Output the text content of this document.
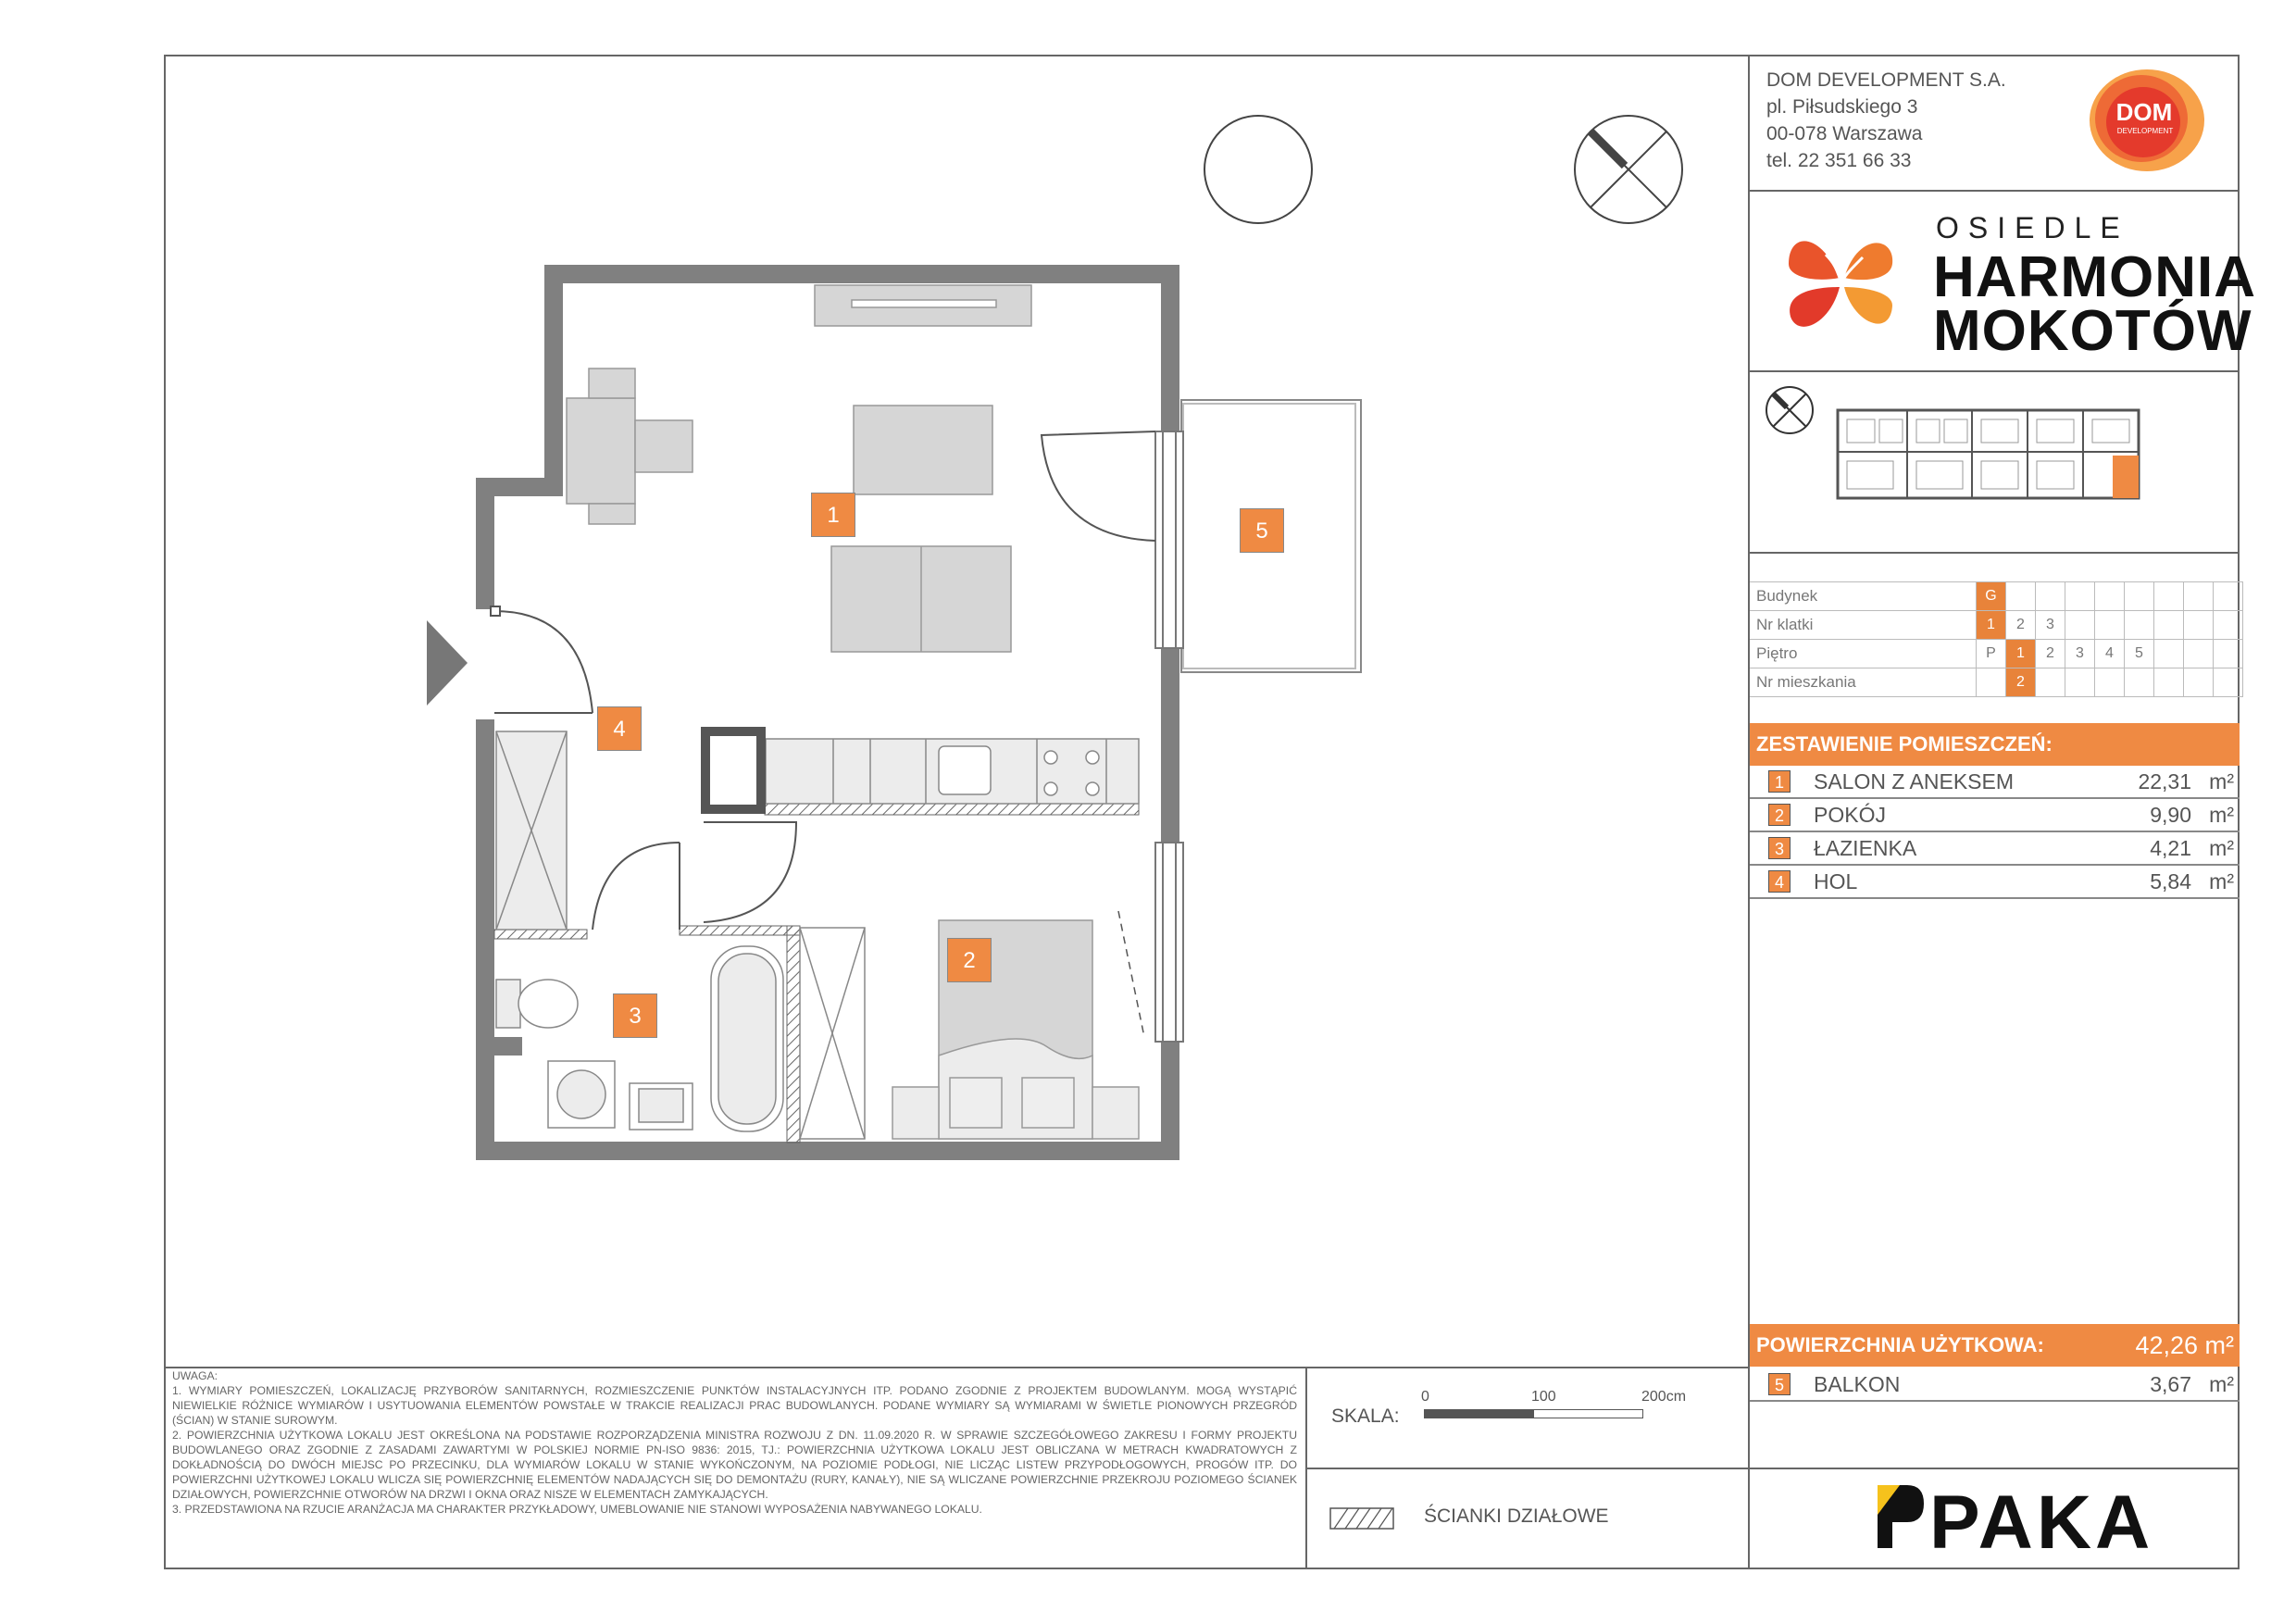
DOM DEVELOPMENT S.A.
pl. Piłsudskiego 3
00-078 Warszawa
tel. 22 351 66 33
DOM
DEVELOPMENT
OSIEDLE
HARMONIA
MOKOTÓW
Budynek	G								
Nr klatki	1	2	3						
Piętro	P	1	2	3	4	5			
Nr mieszkania		2							
ZESTAWIENIE POMIESZCZEŃ:
1	SALON Z ANEKSEM	22,31 m²
2	POKÓJ	9,90 m²
3	ŁAZIENKA	4,21 m²
4	HOL	5,84 m²
POWIERZCHNIA UŻYTKOWA:	42,26 m²
5	BALKON	3,67 m²

UWAGA:

1. WYMIARY POMIESZCZEŃ, LOKALIZACJĘ PRZYBORÓW SANITARNYCH, ROZMIESZCZENIE PUNKTÓW INSTALACYJNYCH ITP. PODANO ZGODNIE Z PROJEKTEM BUDOWLANYM. MOGĄ WYSTĄPIĆ NIEWIELKIE RÓŻNICE WYMIARÓW I USYTUOWANIA ELEMENTÓW POWSTAŁE W TRAKCIE REALIZACJI PRAC BUDOWLANYCH. PODANE WYMIARY SĄ WYMIARAMI W ŚWIETLE PIONOWYCH PRZEGRÓD (ŚCIAN) W STANIE SUROWYM.

2. POWIERZCHNIA UŻYTKOWA LOKALU JEST OKREŚLONA NA PODSTAWIE ROZPORZĄDZENIA MINISTRA ROZWOJU Z DN. 11.09.2020 R. W SPRAWIE SZCZEGÓŁOWEGO ZAKRESU I FORMY PROJEKTU BUDOWLANEGO ORAZ ZGODNIE Z ZASADAMI ZAWARTYMI W POLSKIEJ NORMIE PN-ISO 9836: 2015, TJ.: POWIERZCHNIA UŻYTKOWA LOKALU JEST OBLICZANA W METRACH KWADRATOWYCH Z DOKŁADNOŚCIĄ DO DWÓCH MIEJSC PO PRZECINKU, DLA WYMIARÓW LOKALU W STANIE WYKOŃCZONYM, NA POZIOMIE PODŁOGI, NIE LICZĄC LISTEW PRZYPODŁOGOWYCH, PROGÓW ITP. DO POWIERZCHNI UŻYTKOWEJ LOKALU WLICZA SIĘ POWIERZCHNIĘ ELEMENTÓW NADAJĄCYCH SIĘ DO DEMONTAŻU (RURY, KANAŁY), NIE SĄ WLICZANE POWIERZCHNIE PRZEKROJU POZIOMEGO ŚCIANEK DZIAŁOWYCH, POWIERZCHNIE OTWORÓW NA DRZWI I OKNA ORAZ NISZE W ELEMENTACH ZAMYKAJĄCYCH.

3. PRZEDSTAWIONA NA RZUCIE ARANŻACJA MA CHARAKTER PRZYKŁADOWY, UMEBLOWANIE NIE STANOWI WYPOSAŻENIA NABYWANEGO LOKALU.

SKALA:
0	100	200cm
ŚCIANKI DZIAŁOWE	PAKA
1
2
3
4
5
